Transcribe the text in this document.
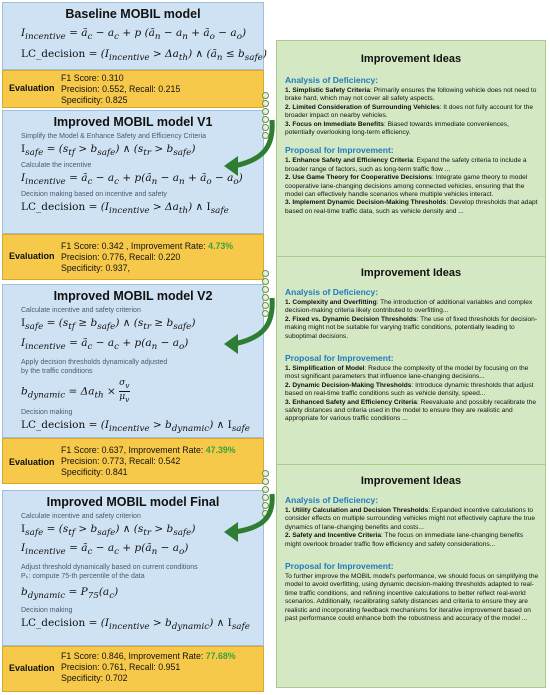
Baseline MOBIL model
$I_{incentive}$ = $ã_c - a_c + p$ ($ã_n - a_n$ + $ã_o - a_o$)
LC_decision = $(I_{incentive} > \Delta a_{th})$ ∧ $(ã_n \le b_{safe})$
Evaluation
F1 Score: 0.310
Precision: 0.552, Recall: 0.215
Specificity: 0.825
Improved MOBIL model V1
Simplify the Model & Enhance Safety and Efficiency Criteria
$I_{safe} = (s_{tf} > b_{safe})$ ∧ $(s_{tr} > b_{safe})$
Calculate the incentive
$I_{incentive}$ = $ã_c - a_c$ + $p(ã_n - a_n$ + $ã_o - a_o$)
Decision making based on incentive and safety
LC_decision = $(I_{incentive} > \Delta a_{th})$ ∧ $I_{safe}$
Evaluation
F1 Score: 0.342 , Improvement Rate: 4.73%
Precision: 0.776, Recall: 0.220
Specificity: 0.937,
Improved MOBIL model V2
Calculate incentive and safety criterion
$I_{safe} = (s_{tf} \ge b_{safe})$ ∧ $(s_{tr} \ge b_{safe})$
$I_{incentive}$ = $ã_c - a_c + p(a_n - a_o)$
Apply decision thresholds dynamically adjusted
by the traffic conditions
$b_{dynamic} = \Delta a_{th} \times \frac{\sigma_v}{\mu_v}$
Decision making
LC_decision = $(I_{incentive} > b_{dynamic})$ ∧ $I_{safe}$
Evaluation
F1 Score: 0.637, Improvement Rate: 47.39%
Precision: 0.773, Recall: 0.542
Specificity: 0.841
Improved MOBIL model Final
Calculate incentive and safety criterion
$I_{safe} = (s_{tf} > b_{safe})$ ∧ $(s_{tr} > b_{safe})$
$I_{incentive}$ = $ã_c - a_c$ + $p(ã_n - a_o)$
Adjust threshold dynamically based on current conditions
Pₖ: compute 75-th percentile of the data
$b_{dynamic} = P_{75}(a_c)$
Decision making
LC_decision = $(I_{incentive} > b_{dynamic})$ ∧ $I_{safe}$
Evaluation
F1 Score: 0.846, Improvement Rate: 77.68%
Precision: 0.761, Recall: 0.951
Specificity: 0.702
Improvement Ideas
Analysis of Deficiency:
1. Simplistic Safety Criteria: Primarily ensures the following vehicle does not need to brake hard, which may not cover all safety aspects.
2. Limited Consideration of Surrounding Vehicles: It does not fully account for the broader impact on nearby vehicles.
3. Focus on Immediate Benefits: Biased towards immediate conveniences, potentially overlooking long-term efficiency.
Proposal for Improvement:
1. Enhance Safety and Efficiency Criteria: Expand the safety criteria to include a broader range of factors, such as long-term traffic flow ...
2. Use Game Theory for Cooperative Decisions: Integrate game theory to model cooperative lane-changing decisions among connected vehicles, ensuring that the model can effectively handle scenarios where multiple vehicles interact.
3. Implement Dynamic Decision-Making Thresholds: Develop thresholds that adapt based on real-time traffic data, such as vehicle density and ...
Improvement Ideas
Analysis of Deficiency:
1. Complexity and Overfitting: The introduction of additional variables and complex decision-making criteria likely contributed to overfitting...
2. Fixed vs. Dynamic Decision Thresholds: The use of fixed thresholds for decision-making might not be suitable for varying traffic conditions, potentially leading to suboptimal decisions.
Proposal for Improvement:
1. Simplification of Model: Reduce the complexity of the model by focusing on the most significant parameters that influence lane-changing decisions...
2. Dynamic Decision-Making Thresholds: Introduce dynamic thresholds that adjust based on real-time traffic conditions such as vehicle density, speed...
3. Enhanced Safety and Efficiency Criteria: Reevaluate and possibly recalibrate the safety distances and criteria used in the model to ensure they are realistic and appropriate for various traffic conditions ...
Improvement Ideas
Analysis of Deficiency:
1. Utility Calculation and Decision Thresholds: Expanded incentive calculations to consider effects on multiple surrounding vehicles might not effectively capture the true dynamics of lane-changing benefits and costs...
2. Safety and Incentive Criteria: The focus on immediate lane-changing benefits might overlook broader traffic flow efficiency and safety considerations...
Proposal for Improvement:
To further improve the MOBIL model's performance, we should focus on simplifying the model to avoid overfitting, using dynamic decision-making thresholds adapted to real-time traffic conditions, and refining incentive calculations to better reflect real-world scenarios. Additionally, recalibrating safety distances and criteria to ensure they are realistic and incorporating feedback mechanisms for iterative improvement based on past performance could enhance both the robustness and accuracy of the model ...
